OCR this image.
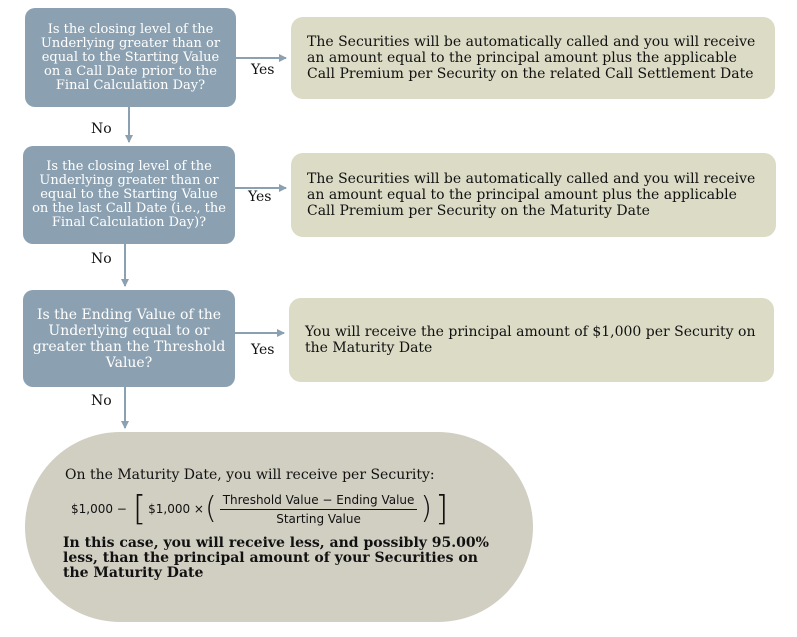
Is the closing level of the Underlying greater than or equal to the Starting Value on a Call Date prior to the Final Calculation Day?
Is the closing level of the Underlying greater than or equal to the Starting Value on the last Call Date (i.e., the Final Calculation Day)?
Is the Ending Value of the Underlying equal to or greater than the Threshold Value?
The Securities will be automatically called and you will receive an amount equal to the principal amount plus the applicable Call Premium per Security on the related Call Settlement Date
The Securities will be automatically called and you will receive an amount equal to the principal amount plus the applicable Call Premium per Security on the Maturity Date
You will receive the principal amount of $1,000 per Security on the Maturity Date
Yes
Yes
Yes
No
No
No
On the Maturity Date, you will receive per Security:
$1,000 − [ $1,000 × ( $\frac{\text{Threshold Value − Ending Value}}{\text{Starting Value}}$ ) ]
In this case, you will receive less, and possibly 95.00% less, than the principal amount of your Securities on the Maturity Date
